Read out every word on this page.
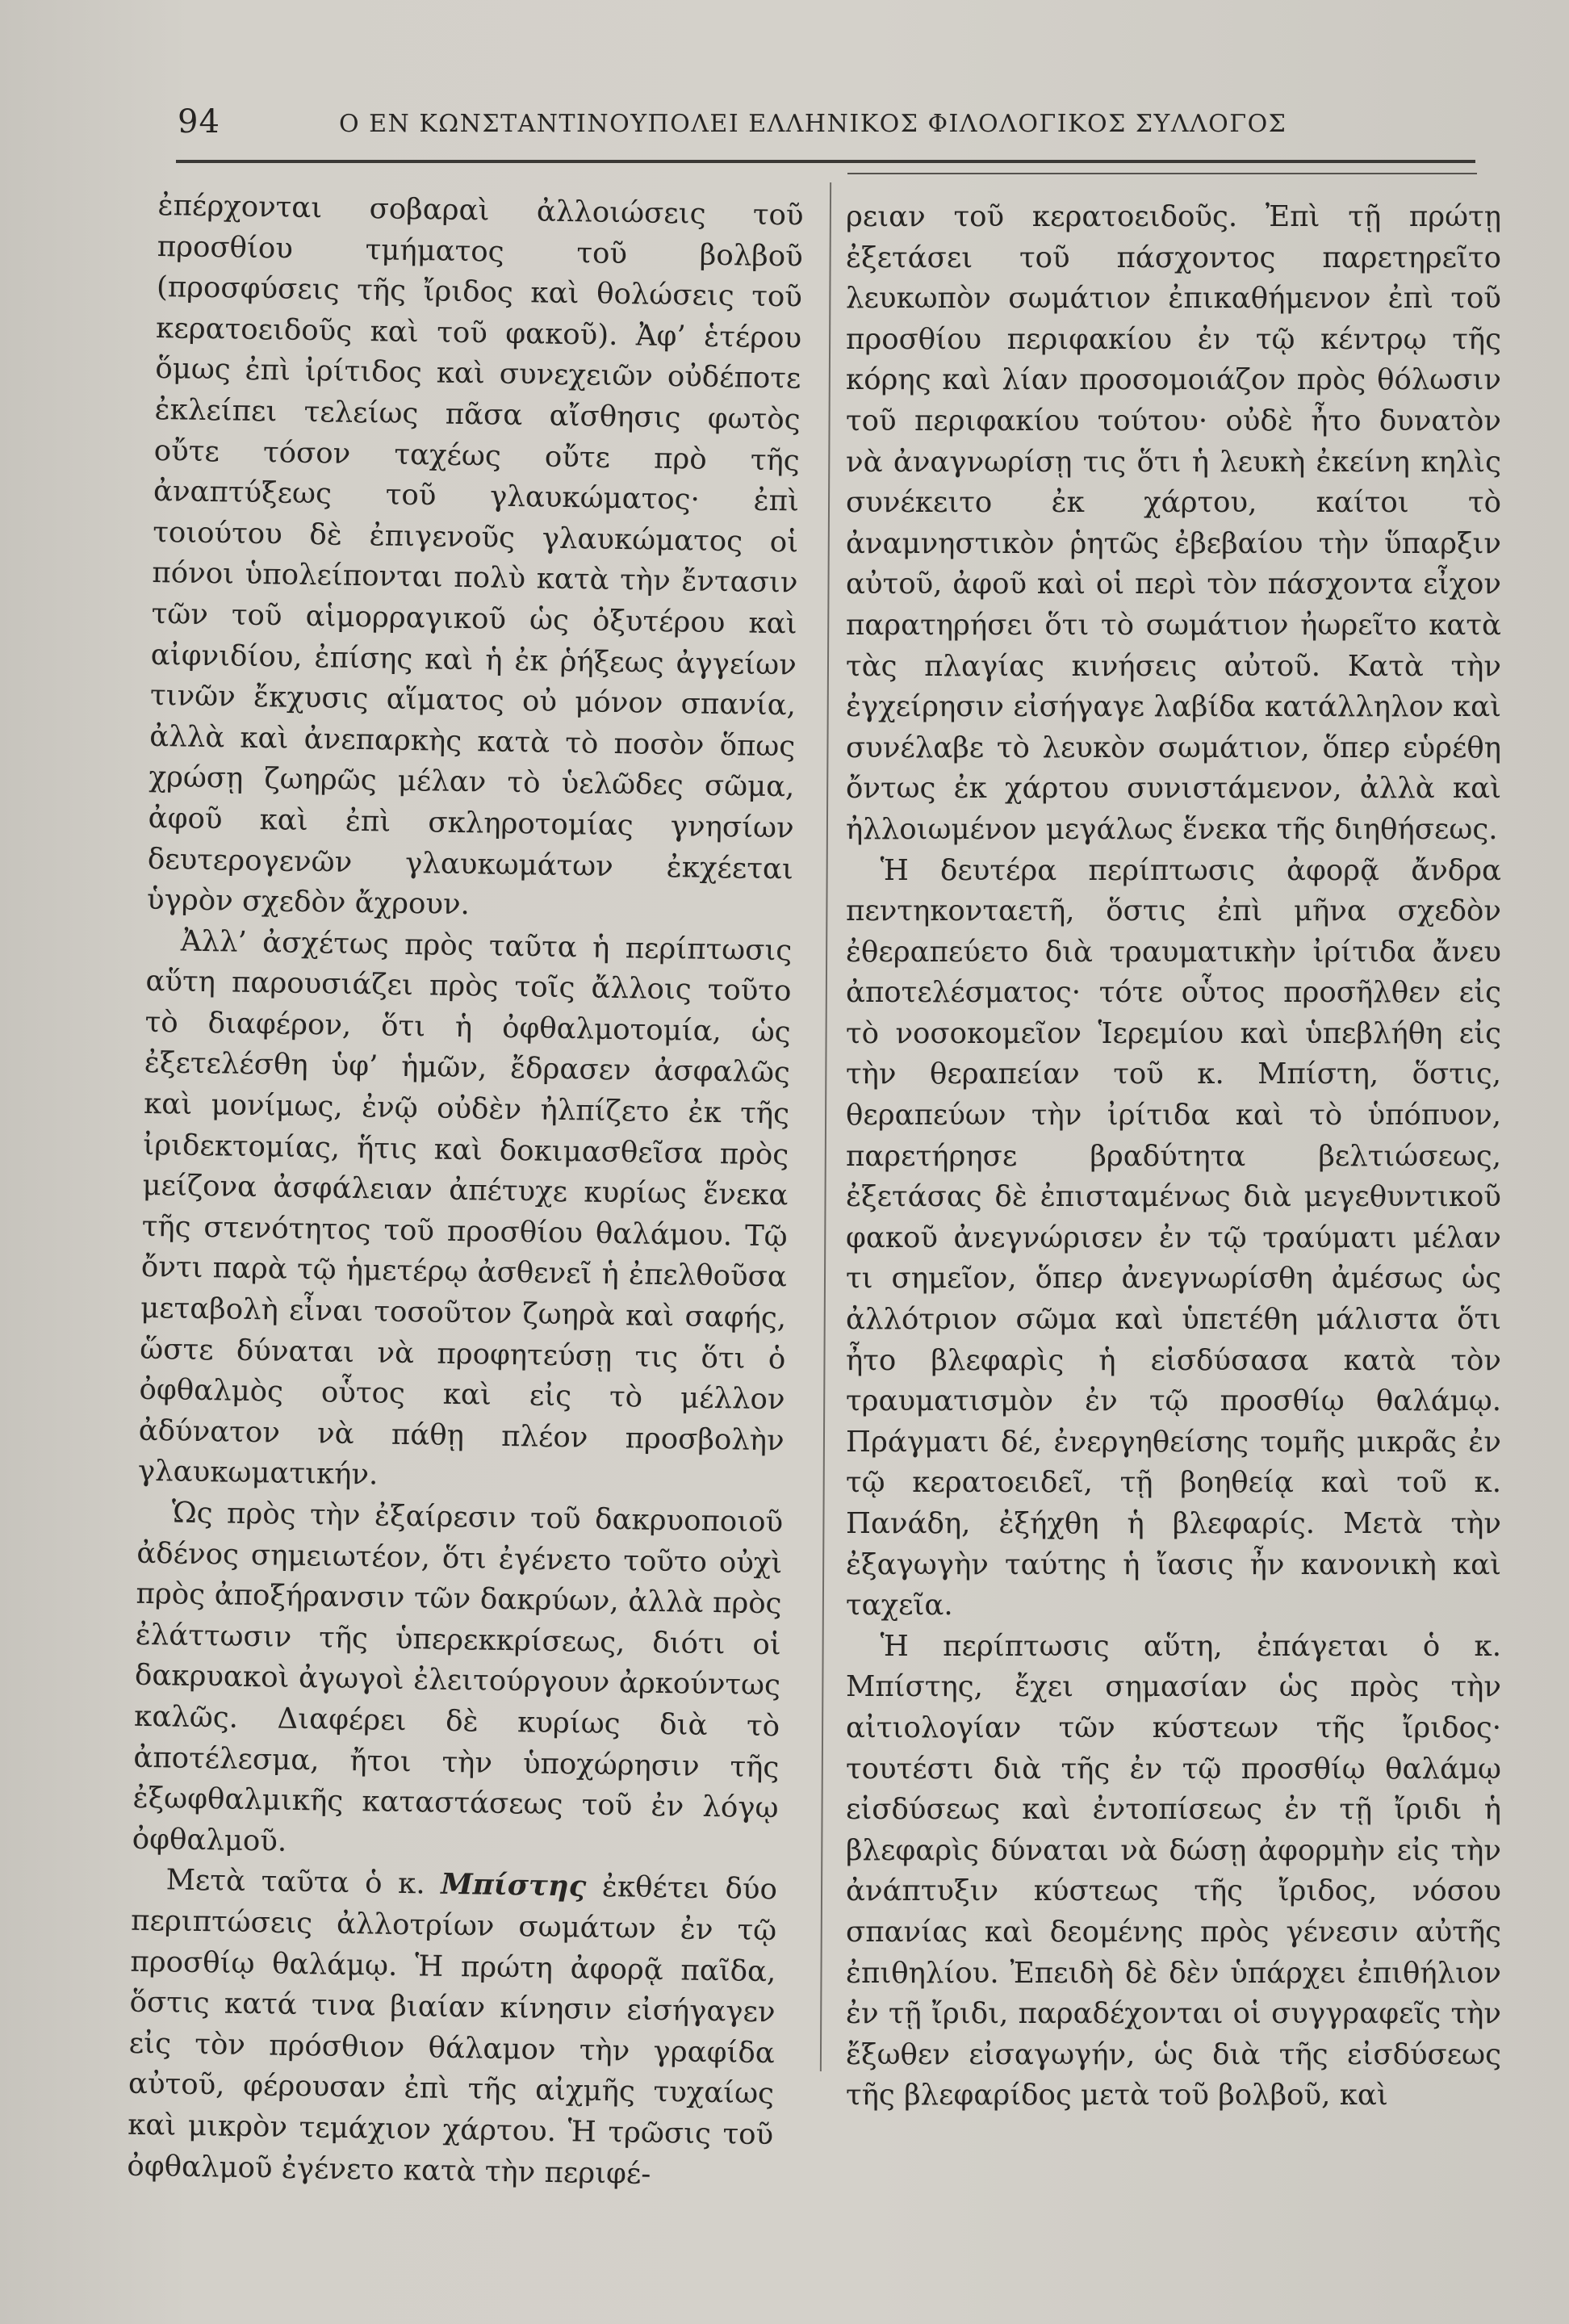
94	Ο ΕΝ ΚΩΝΣΤΑΝΤΙΝΟΥΠΟΛΕΙ ΕΛΛΗΝΙΚΟΣ ΦΙΛΟΛΟΓΙΚΟΣ ΣΥΛΛΟΓΟΣ

ἐπέρχονται σοβαραὶ ἀλλοιώσεις τοῦ προσθίου τμήματος τοῦ βολβοῦ (προσφύσεις τῆς ἴριδος καὶ θολώσεις τοῦ κερατοειδοῦς καὶ τοῦ φακοῦ). Ἀφ’ ἑτέρου ὅμως ἐπὶ ἰρίτιδος καὶ συνεχειῶν οὐδέποτε ἐκλείπει τελείως πᾶσα αἴσθησις φωτὸς οὔτε τόσον ταχέως οὔτε πρὸ τῆς ἀναπτύξεως τοῦ γλαυκώματος· ἐπὶ τοιούτου δὲ ἐπιγενοῦς γλαυκώματος οἱ πόνοι ὑπολείπονται πολὺ κατὰ τὴν ἔντασιν τῶν τοῦ αἱμορραγικοῦ ὡς ὀξυτέρου καὶ αἰφνιδίου, ἐπίσης καὶ ἡ ἐκ ῥήξεως ἀγγείων τινῶν ἔκχυσις αἵματος οὐ μόνον σπανία, ἀλλὰ καὶ ἀνεπαρκὴς κατὰ τὸ ποσὸν ὅπως χρώσῃ ζωηρῶς μέλαν τὸ ὑελῶδες σῶμα, ἀφοῦ καὶ ἐπὶ σκληροτομίας γνησίων δευτερογενῶν γλαυκωμάτων ἐκχέεται ὑγρὸν σχεδὸν ἄχρουν.

Ἀλλ’ ἀσχέτως πρὸς ταῦτα ἡ περίπτωσις αὕτη παρουσιάζει πρὸς τοῖς ἄλλοις τοῦτο τὸ διαφέρον, ὅτι ἡ ὀφθαλμοτομία, ὡς ἐξετελέσθη ὑφ’ ἡμῶν, ἔδρασεν ἀσφαλῶς καὶ μονίμως, ἐνῷ οὐδὲν ἠλπίζετο ἐκ τῆς ἰριδεκτομίας, ἥτις καὶ δοκιμασθεῖσα πρὸς μείζονα ἀσφάλειαν ἀπέτυχε κυρίως ἕνεκα τῆς στενότητος τοῦ προσθίου θαλάμου. Τῷ ὄντι παρὰ τῷ ἡμετέρῳ ἀσθενεῖ ἡ ἐπελθοῦσα μεταβολὴ εἶναι τοσοῦτον ζωηρὰ καὶ σαφής, ὥστε δύναται νὰ προφητεύσῃ τις ὅτι ὁ ὀφθαλμὸς οὗτος καὶ εἰς τὸ μέλλον ἀδύνατον νὰ πάθῃ πλέον προσβολὴν γλαυκωματικήν.

Ὡς πρὸς τὴν ἐξαίρεσιν τοῦ δακρυοποιοῦ ἀδένος σημειωτέον, ὅτι ἐγένετο τοῦτο οὐχὶ πρὸς ἀποξήρανσιν τῶν δακρύων, ἀλλὰ πρὸς ἐλάττωσιν τῆς ὑπερεκκρίσεως, διότι οἱ δακρυακοὶ ἀγωγοὶ ἐλειτούργουν ἀρκούντως καλῶς. Διαφέρει δὲ κυρίως διὰ τὸ ἀποτέλεσμα, ἤτοι τὴν ὑποχώρησιν τῆς ἐξωφθαλμικῆς καταστάσεως τοῦ ἐν λόγῳ ὀφθαλμοῦ.

Μετὰ ταῦτα ὁ κ. Μπίστης ἐκθέτει δύο περιπτώσεις ἀλλοτρίων σωμάτων ἐν τῷ προσθίῳ θαλάμῳ. Ἡ πρώτη ἀφορᾷ παῖδα, ὅστις κατά τινα βιαίαν κίνησιν εἰσήγαγεν εἰς τὸν πρόσθιον θάλαμον τὴν γραφίδα αὐτοῦ, φέρουσαν ἐπὶ τῆς αἰχμῆς τυχαίως καὶ μικρὸν τεμάχιον χάρτου. Ἡ τρῶσις τοῦ ὀφθαλμοῦ ἐγένετο κατὰ τὴν περιφέ-

ρειαν τοῦ κερατοειδοῦς. Ἐπὶ τῇ πρώτῃ ἐξετάσει τοῦ πάσχοντος παρετηρεῖτο λευκωπὸν σωμάτιον ἐπικαθήμενον ἐπὶ τοῦ προσθίου περιφακίου ἐν τῷ κέντρῳ τῆς κόρης καὶ λίαν προσομοιάζον πρὸς θόλωσιν τοῦ περιφακίου τούτου· οὐδὲ ἦτο δυνατὸν νὰ ἀναγνωρίσῃ τις ὅτι ἡ λευκὴ ἐκείνη κηλὶς συνέκειτο ἐκ χάρτου, καίτοι τὸ ἀναμνηστικὸν ῥητῶς ἐβεβαίου τὴν ὕπαρξιν αὐτοῦ, ἀφοῦ καὶ οἱ περὶ τὸν πάσχοντα εἶχον παρατηρήσει ὅτι τὸ σωμάτιον ἠωρεῖτο κατὰ τὰς πλαγίας κινήσεις αὐτοῦ. Κατὰ τὴν ἐγχείρησιν εἰσήγαγε λαβίδα κατάλληλον καὶ συνέλαβε τὸ λευκὸν σωμάτιον, ὅπερ εὑρέθη ὄντως ἐκ χάρτου συνιστάμενον, ἀλλὰ καὶ ἠλλοιωμένον μεγάλως ἕνεκα τῆς διηθήσεως.

Ἡ δευτέρα περίπτωσις ἀφορᾷ ἄνδρα πεντηκονταετῆ, ὅστις ἐπὶ μῆνα σχεδὸν ἐθεραπεύετο διὰ τραυματικὴν ἰρίτιδα ἄνευ ἀποτελέσματος· τότε οὗτος προσῆλθεν εἰς τὸ νοσοκομεῖον Ἱερεμίου καὶ ὑπεβλήθη εἰς τὴν θεραπείαν τοῦ κ. Μπίστη, ὅστις, θεραπεύων τὴν ἰρίτιδα καὶ τὸ ὑπόπυον, παρετήρησε βραδύτητα βελτιώσεως, ἐξετάσας δὲ ἐπισταμένως διὰ μεγεθυντικοῦ φακοῦ ἀνεγνώρισεν ἐν τῷ τραύματι μέλαν τι σημεῖον, ὅπερ ἀνεγνωρίσθη ἀμέσως ὡς ἀλλότριον σῶμα καὶ ὑπετέθη μάλιστα ὅτι ἦτο βλεφαρὶς ἡ εἰσδύσασα κατὰ τὸν τραυματισμὸν ἐν τῷ προσθίῳ θαλάμῳ. Πράγματι δέ, ἐνεργηθείσης τομῆς μικρᾶς ἐν τῷ κερατοειδεῖ, τῇ βοηθείᾳ καὶ τοῦ κ. Πανάδη, ἐξήχθη ἡ βλεφαρίς. Μετὰ τὴν ἐξαγωγὴν ταύτης ἡ ἴασις ἦν κανονικὴ καὶ ταχεῖα.

Ἡ περίπτωσις αὕτη, ἐπάγεται ὁ κ. Μπίστης, ἔχει σημασίαν ὡς πρὸς τὴν αἰτιολογίαν τῶν κύστεων τῆς ἴριδος· τουτέστι διὰ τῆς ἐν τῷ προσθίῳ θαλάμῳ εἰσδύσεως καὶ ἐντοπίσεως ἐν τῇ ἴριδι ἡ βλεφαρὶς δύναται νὰ δώσῃ ἀφορμὴν εἰς τὴν ἀνάπτυξιν κύστεως τῆς ἴριδος, νόσου σπανίας καὶ δεομένης πρὸς γένεσιν αὐτῆς ἐπιθηλίου. Ἐπειδὴ δὲ δὲν ὑπάρχει ἐπιθήλιον ἐν τῇ ἴριδι, παραδέχονται οἱ συγγραφεῖς τὴν ἔξωθεν εἰσαγωγήν, ὡς διὰ τῆς εἰσδύσεως τῆς βλεφαρίδος μετὰ τοῦ βολβοῦ, καὶ
